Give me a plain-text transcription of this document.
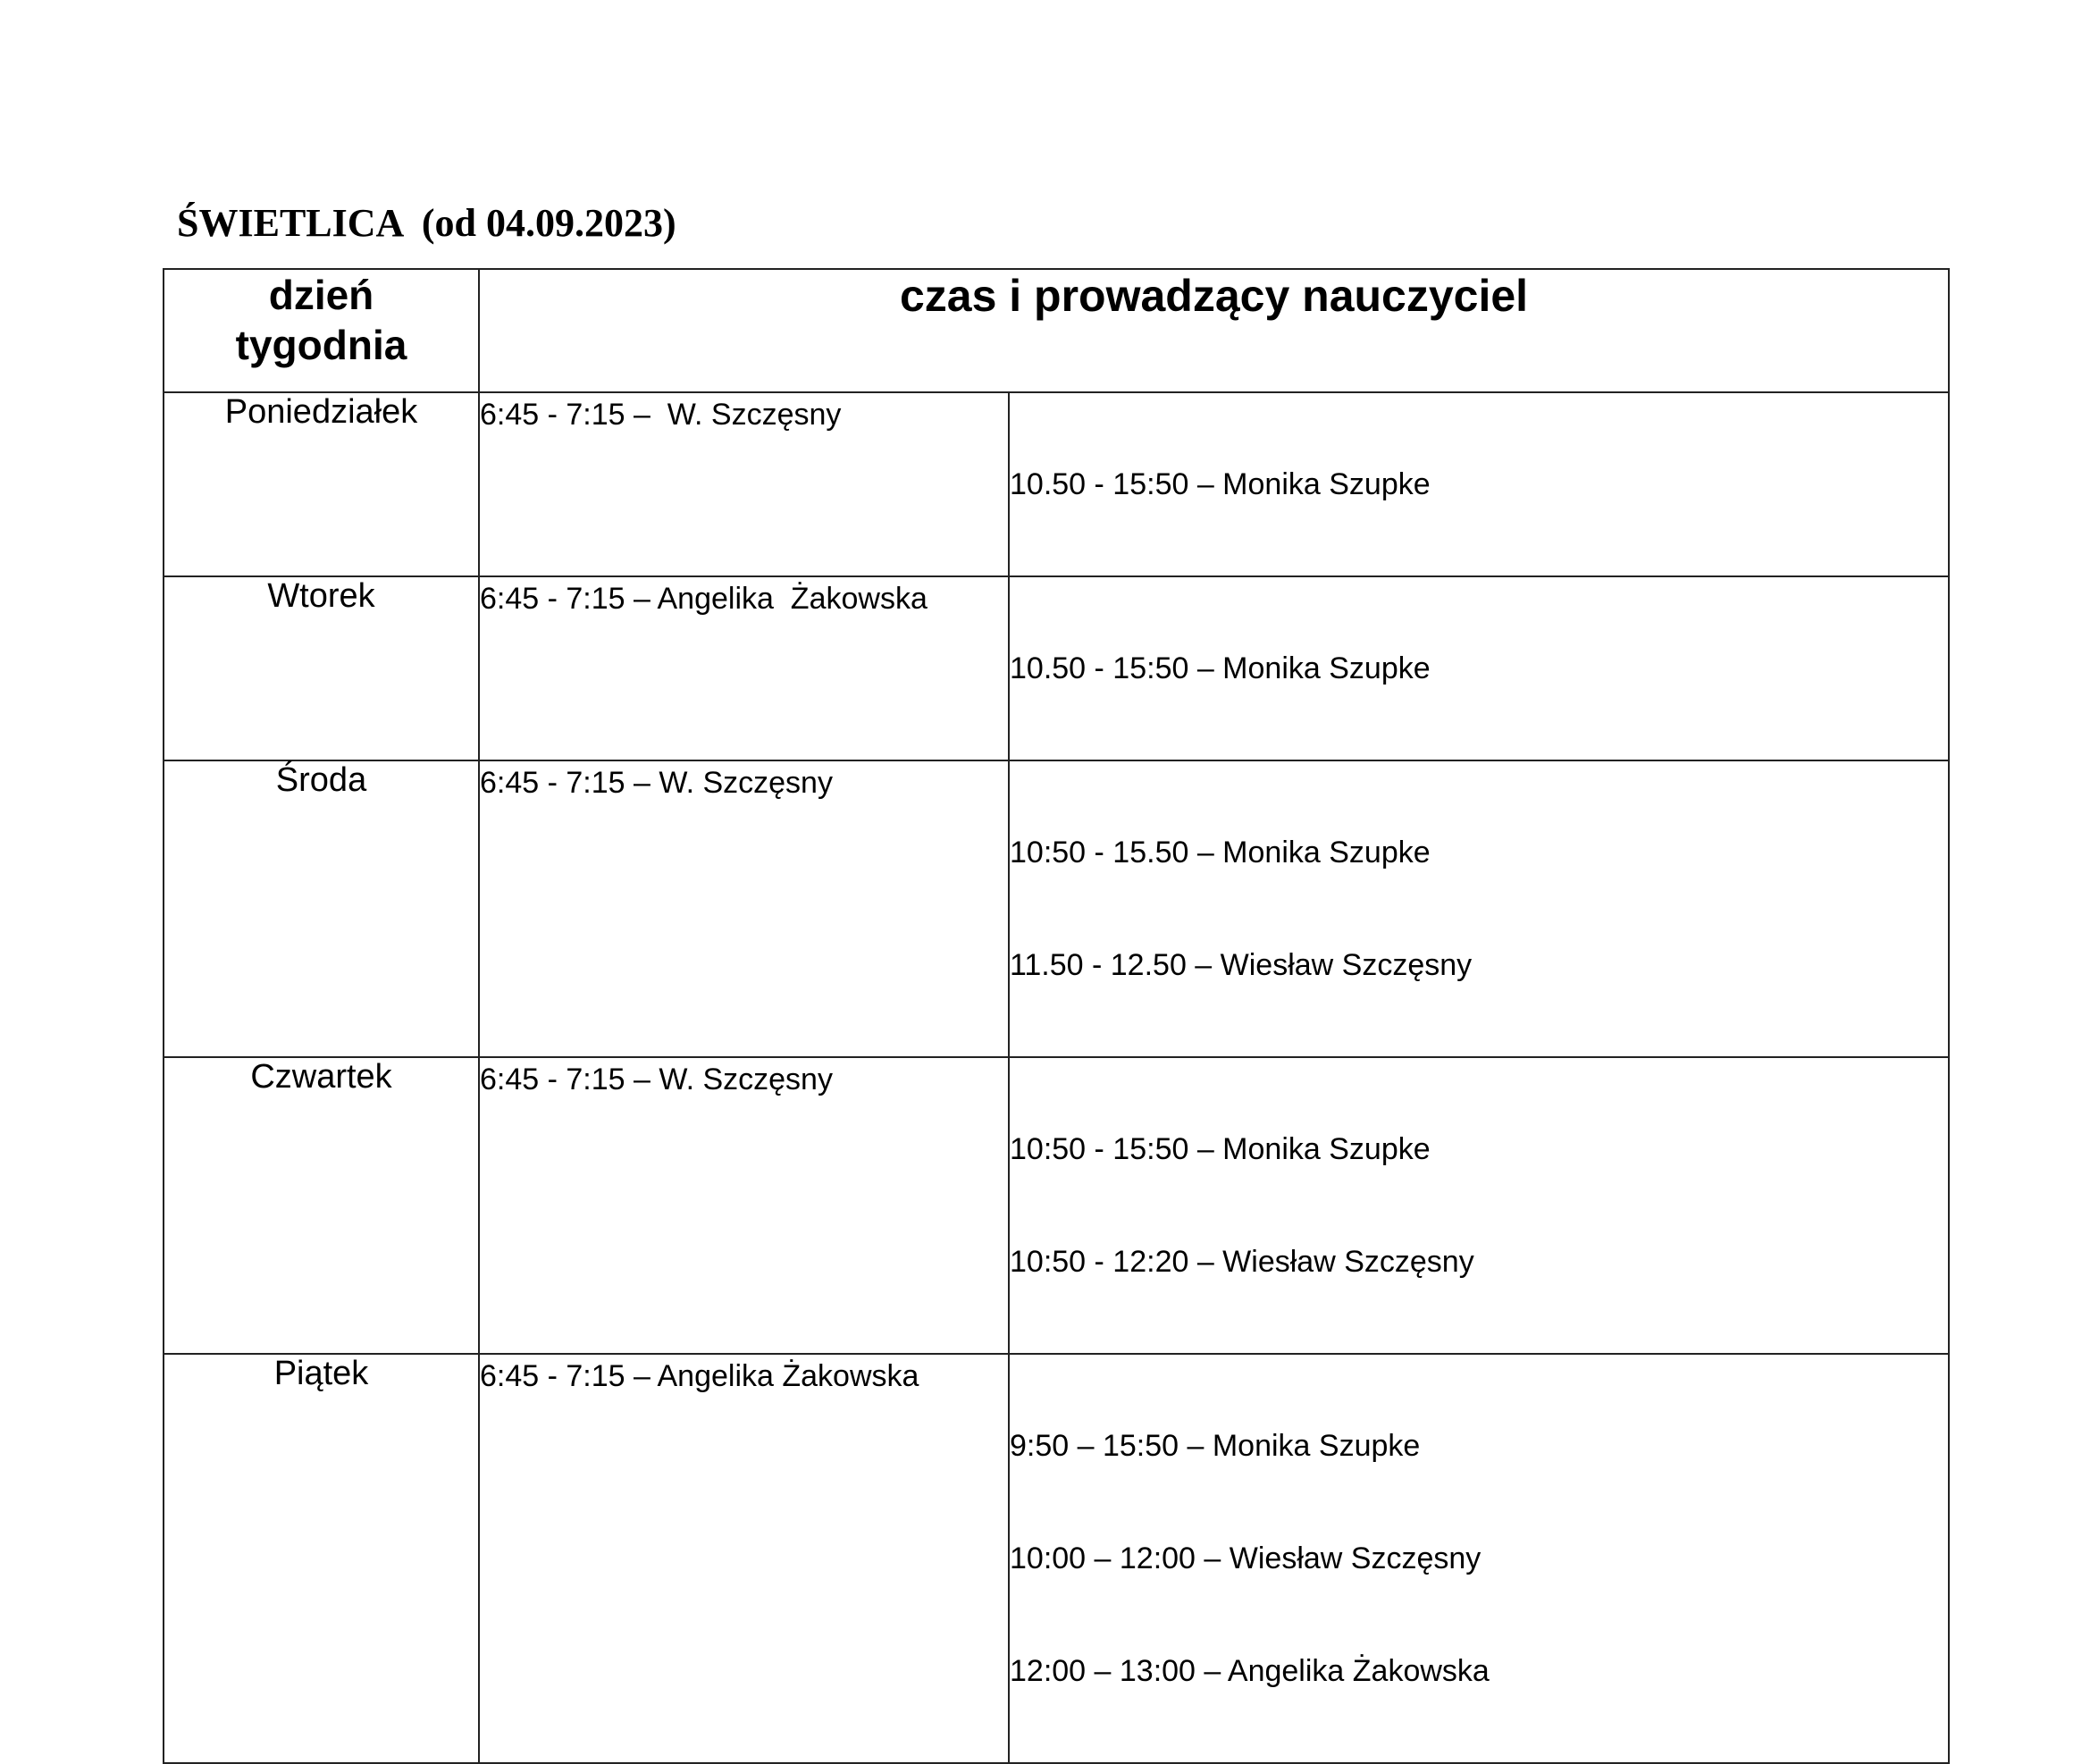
ŚWIETLICA  (od 04.09.2023)
dzień
tygodnia	czas i prowadzący nauczyciel	
Poniedziałek	6:45 - 7:15 –  W. Szczęsny	10.50 - 15:50 – Monika Szupke

Wtorek	6:45 - 7:15 – Angelika  Żakowska	10.50 - 15:50 – Monika Szupke

Środa	6:45 - 7:15 – W. Szczęsny	10:50 - 15.50 – Monika Szupke

11.50 - 12.50 – Wiesław Szczęsny

Czwartek	6:45 - 7:15 – W. Szczęsny	10:50 - 15:50 – Monika Szupke

10:50 - 12:20 – Wiesław Szczęsny

Piątek	6:45 - 7:15 – Angelika Żakowska	9:50 – 15:50 – Monika Szupke

10:00 – 12:00 – Wiesław Szczęsny

12:00 – 13:00 – Angelika Żakowska
